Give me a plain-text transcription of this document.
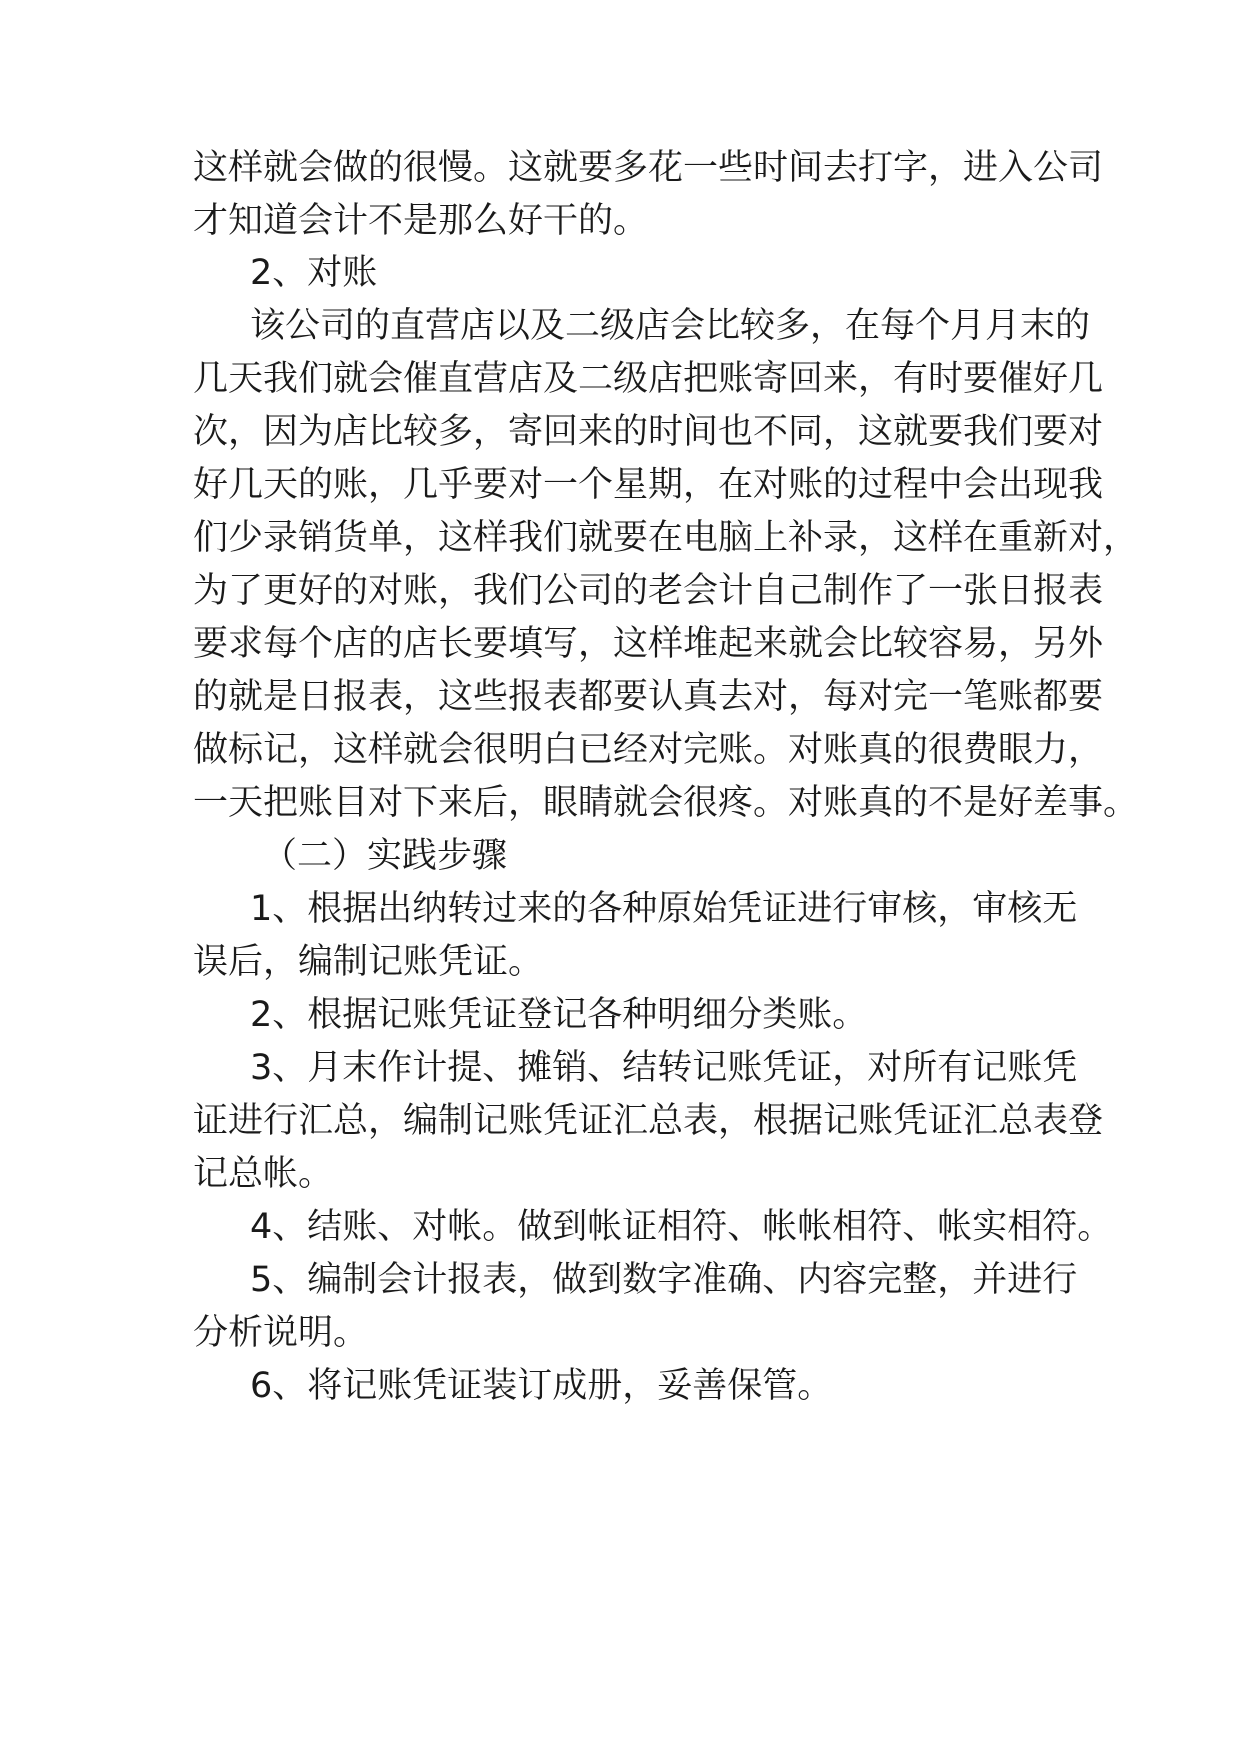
这样就会做的很慢。这就要多花一些时间去打字，进入公司

才知道会计不是那么好干的。

2、对账

该公司的直营店以及二级店会比较多，在每个月月末的

几天我们就会催直营店及二级店把账寄回来，有时要催好几

次，因为店比较多，寄回来的时间也不同，这就要我们要对

好几天的账，几乎要对一个星期，在对账的过程中会出现我

们少录销货单，这样我们就要在电脑上补录，这样在重新对，

为了更好的对账，我们公司的老会计自己制作了一张日报表

要求每个店的店长要填写，这样堆起来就会比较容易，另外

的就是日报表，这些报表都要认真去对，每对完一笔账都要

做标记，这样就会很明白已经对完账。对账真的很费眼力，

一天把账目对下来后，眼睛就会很疼。对账真的不是好差事。

（二）实践步骤

1、根据出纳转过来的各种原始凭证进行审核，审核无

误后，编制记账凭证。

2、根据记账凭证登记各种明细分类账。

3、月末作计提、摊销、结转记账凭证，对所有记账凭

证进行汇总，编制记账凭证汇总表，根据记账凭证汇总表登

记总帐。

4、结账、对帐。做到帐证相符、帐帐相符、帐实相符。

5、编制会计报表，做到数字准确、内容完整，并进行

分析说明。

6、将记账凭证装订成册，妥善保管。
